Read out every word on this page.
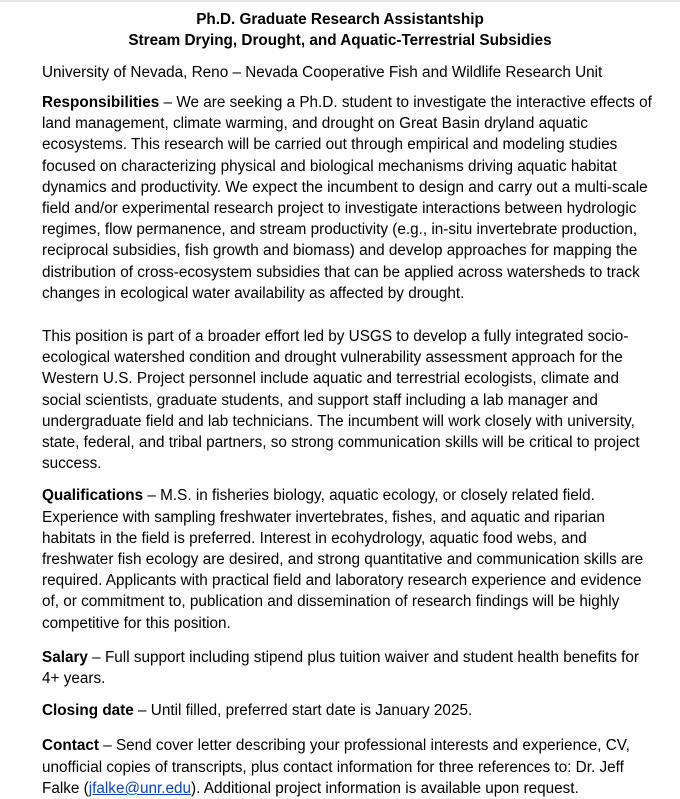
Ph.D. Graduate Research Assistantship
Stream Drying, Drought, and Aquatic-Terrestrial Subsidies

University of Nevada, Reno – Nevada Cooperative Fish and Wildlife Research Unit

Responsibilities – We are seeking a Ph.D. student to investigate the interactive effects of land management, climate warming, and drought on Great Basin dryland aquatic ecosystems. This research will be carried out through empirical and modeling studies focused on characterizing physical and biological mechanisms driving aquatic habitat dynamics and productivity. We expect the incumbent to design and carry out a multi-scale field and/or experimental research project to investigate interactions between hydrologic regimes, flow permanence, and stream productivity (e.g., in-situ invertebrate production, reciprocal subsidies, fish growth and biomass) and develop approaches for mapping the distribution of cross-ecosystem subsidies that can be applied across watersheds to track changes in ecological water availability as affected by drought.

This position is part of a broader effort led by USGS to develop a fully integrated socio-ecological watershed condition and drought vulnerability assessment approach for the Western U.S. Project personnel include aquatic and terrestrial ecologists, climate and social scientists, graduate students, and support staff including a lab manager and undergraduate field and lab technicians. The incumbent will work closely with university, state, federal, and tribal partners, so strong communication skills will be critical to project success.

Qualifications – M.S. in fisheries biology, aquatic ecology, or closely related field. Experience with sampling freshwater invertebrates, fishes, and aquatic and riparian habitats in the field is preferred. Interest in ecohydrology, aquatic food webs, and freshwater fish ecology are desired, and strong quantitative and communication skills are required. Applicants with practical field and laboratory research experience and evidence of, or commitment to, publication and dissemination of research findings will be highly competitive for this position.

Salary – Full support including stipend plus tuition waiver and student health benefits for 4+ years.

Closing date – Until filled, preferred start date is January 2025.

Contact – Send cover letter describing your professional interests and experience, CV, unofficial copies of transcripts, plus contact information for three references to: Dr. Jeff Falke (jfalke@unr.edu). Additional project information is available upon request.
